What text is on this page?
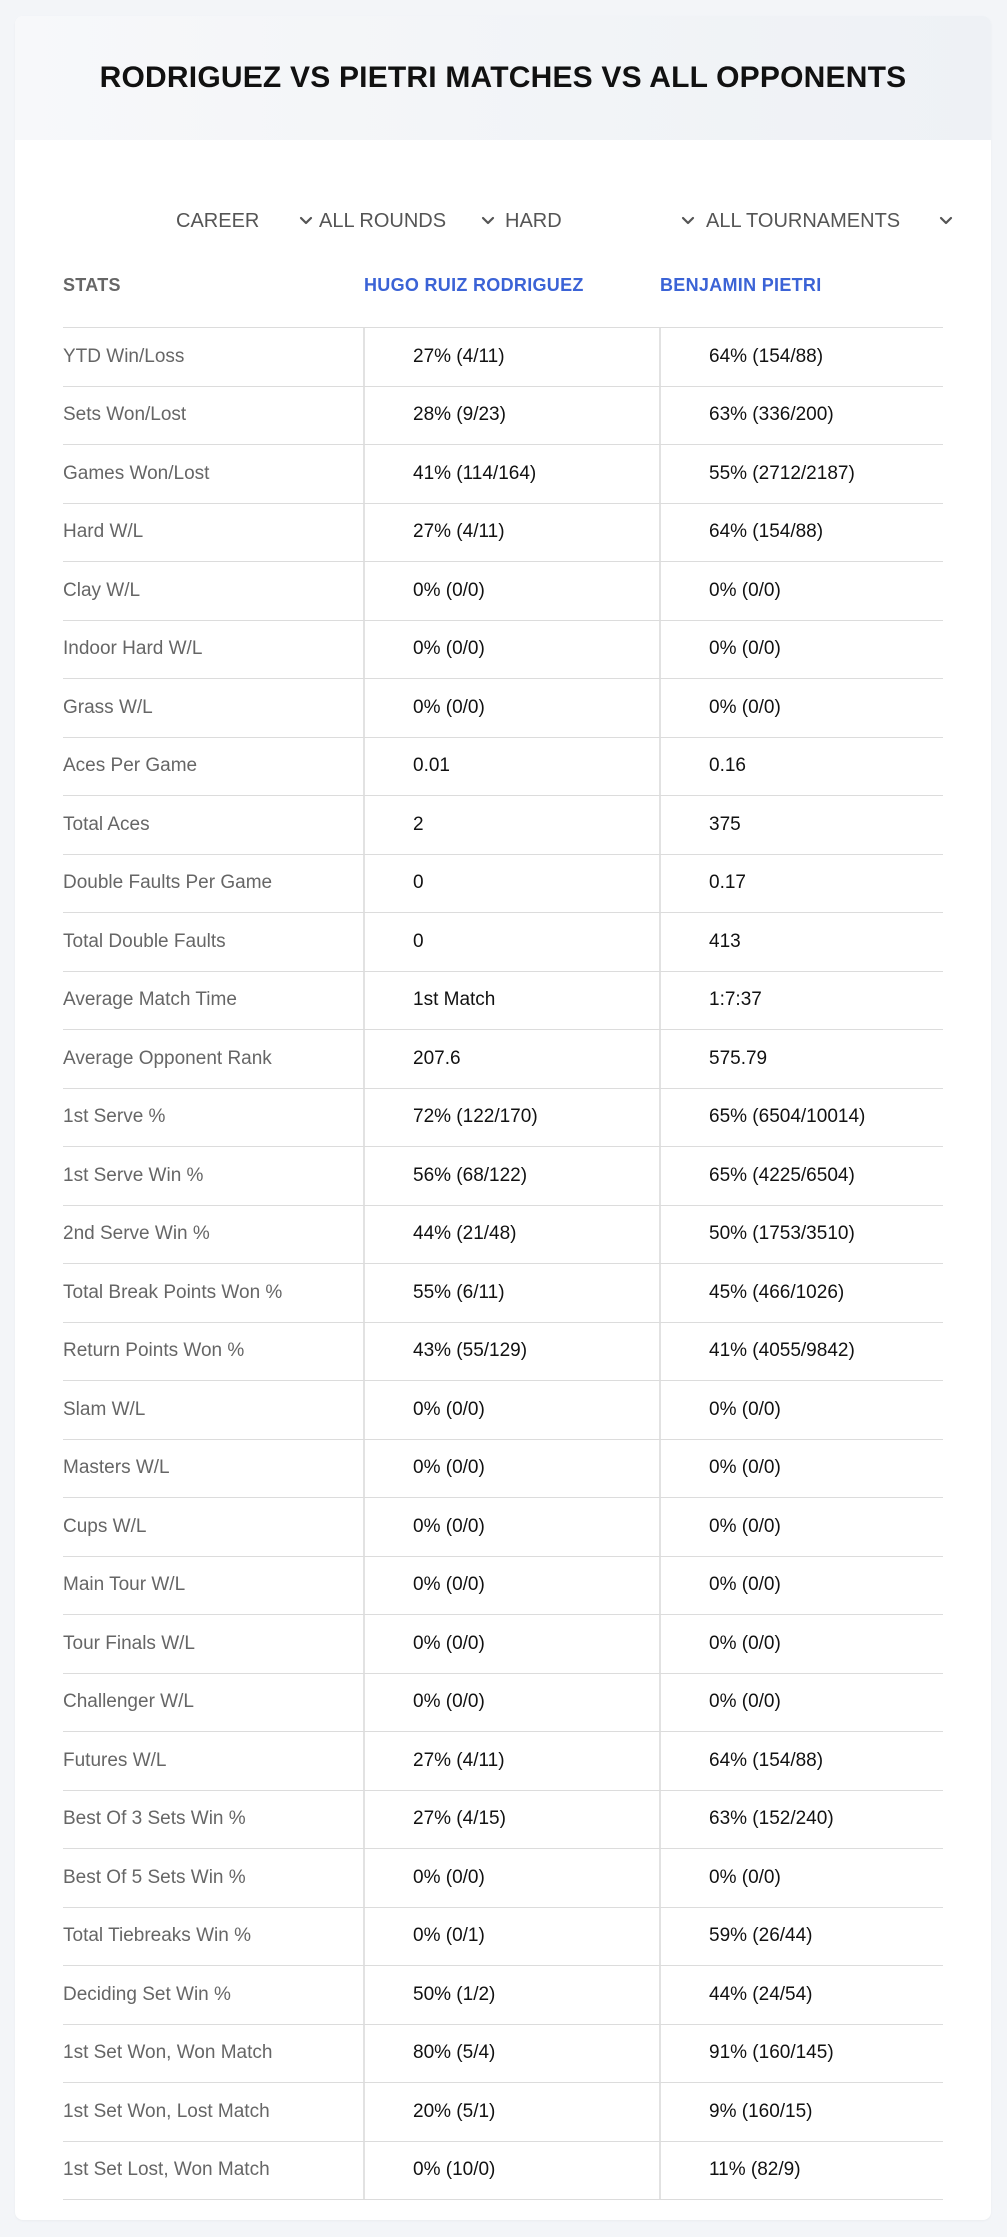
RODRIGUEZ VS PIETRI MATCHES VS ALL OPPONENTS
CAREER	ALL ROUNDS	HARD	ALL TOURNAMENTS
STATS	HUGO RUIZ RODRIGUEZ	BENJAMIN PIETRI
YTD Win/Loss	27% (4/11)	64% (154/88)
Sets Won/Lost	28% (9/23)	63% (336/200)
Games Won/Lost	41% (114/164)	55% (2712/2187)
Hard W/L	27% (4/11)	64% (154/88)
Clay W/L	0% (0/0)	0% (0/0)
Indoor Hard W/L	0% (0/0)	0% (0/0)
Grass W/L	0% (0/0)	0% (0/0)
Aces Per Game	0.01	0.16
Total Aces	2	375
Double Faults Per Game	0	0.17
Total Double Faults	0	413
Average Match Time	1st Match	1:7:37
Average Opponent Rank	207.6	575.79
1st Serve %	72% (122/170)	65% (6504/10014)
1st Serve Win %	56% (68/122)	65% (4225/6504)
2nd Serve Win %	44% (21/48)	50% (1753/3510)
Total Break Points Won %	55% (6/11)	45% (466/1026)
Return Points Won %	43% (55/129)	41% (4055/9842)
Slam W/L	0% (0/0)	0% (0/0)
Masters W/L	0% (0/0)	0% (0/0)
Cups W/L	0% (0/0)	0% (0/0)
Main Tour W/L	0% (0/0)	0% (0/0)
Tour Finals W/L	0% (0/0)	0% (0/0)
Challenger W/L	0% (0/0)	0% (0/0)
Futures W/L	27% (4/11)	64% (154/88)
Best Of 3 Sets Win %	27% (4/15)	63% (152/240)
Best Of 5 Sets Win %	0% (0/0)	0% (0/0)
Total Tiebreaks Win %	0% (0/1)	59% (26/44)
Deciding Set Win %	50% (1/2)	44% (24/54)
1st Set Won, Won Match	80% (5/4)	91% (160/145)
1st Set Won, Lost Match	20% (5/1)	9% (160/15)
1st Set Lost, Won Match	0% (10/0)	11% (82/9)
